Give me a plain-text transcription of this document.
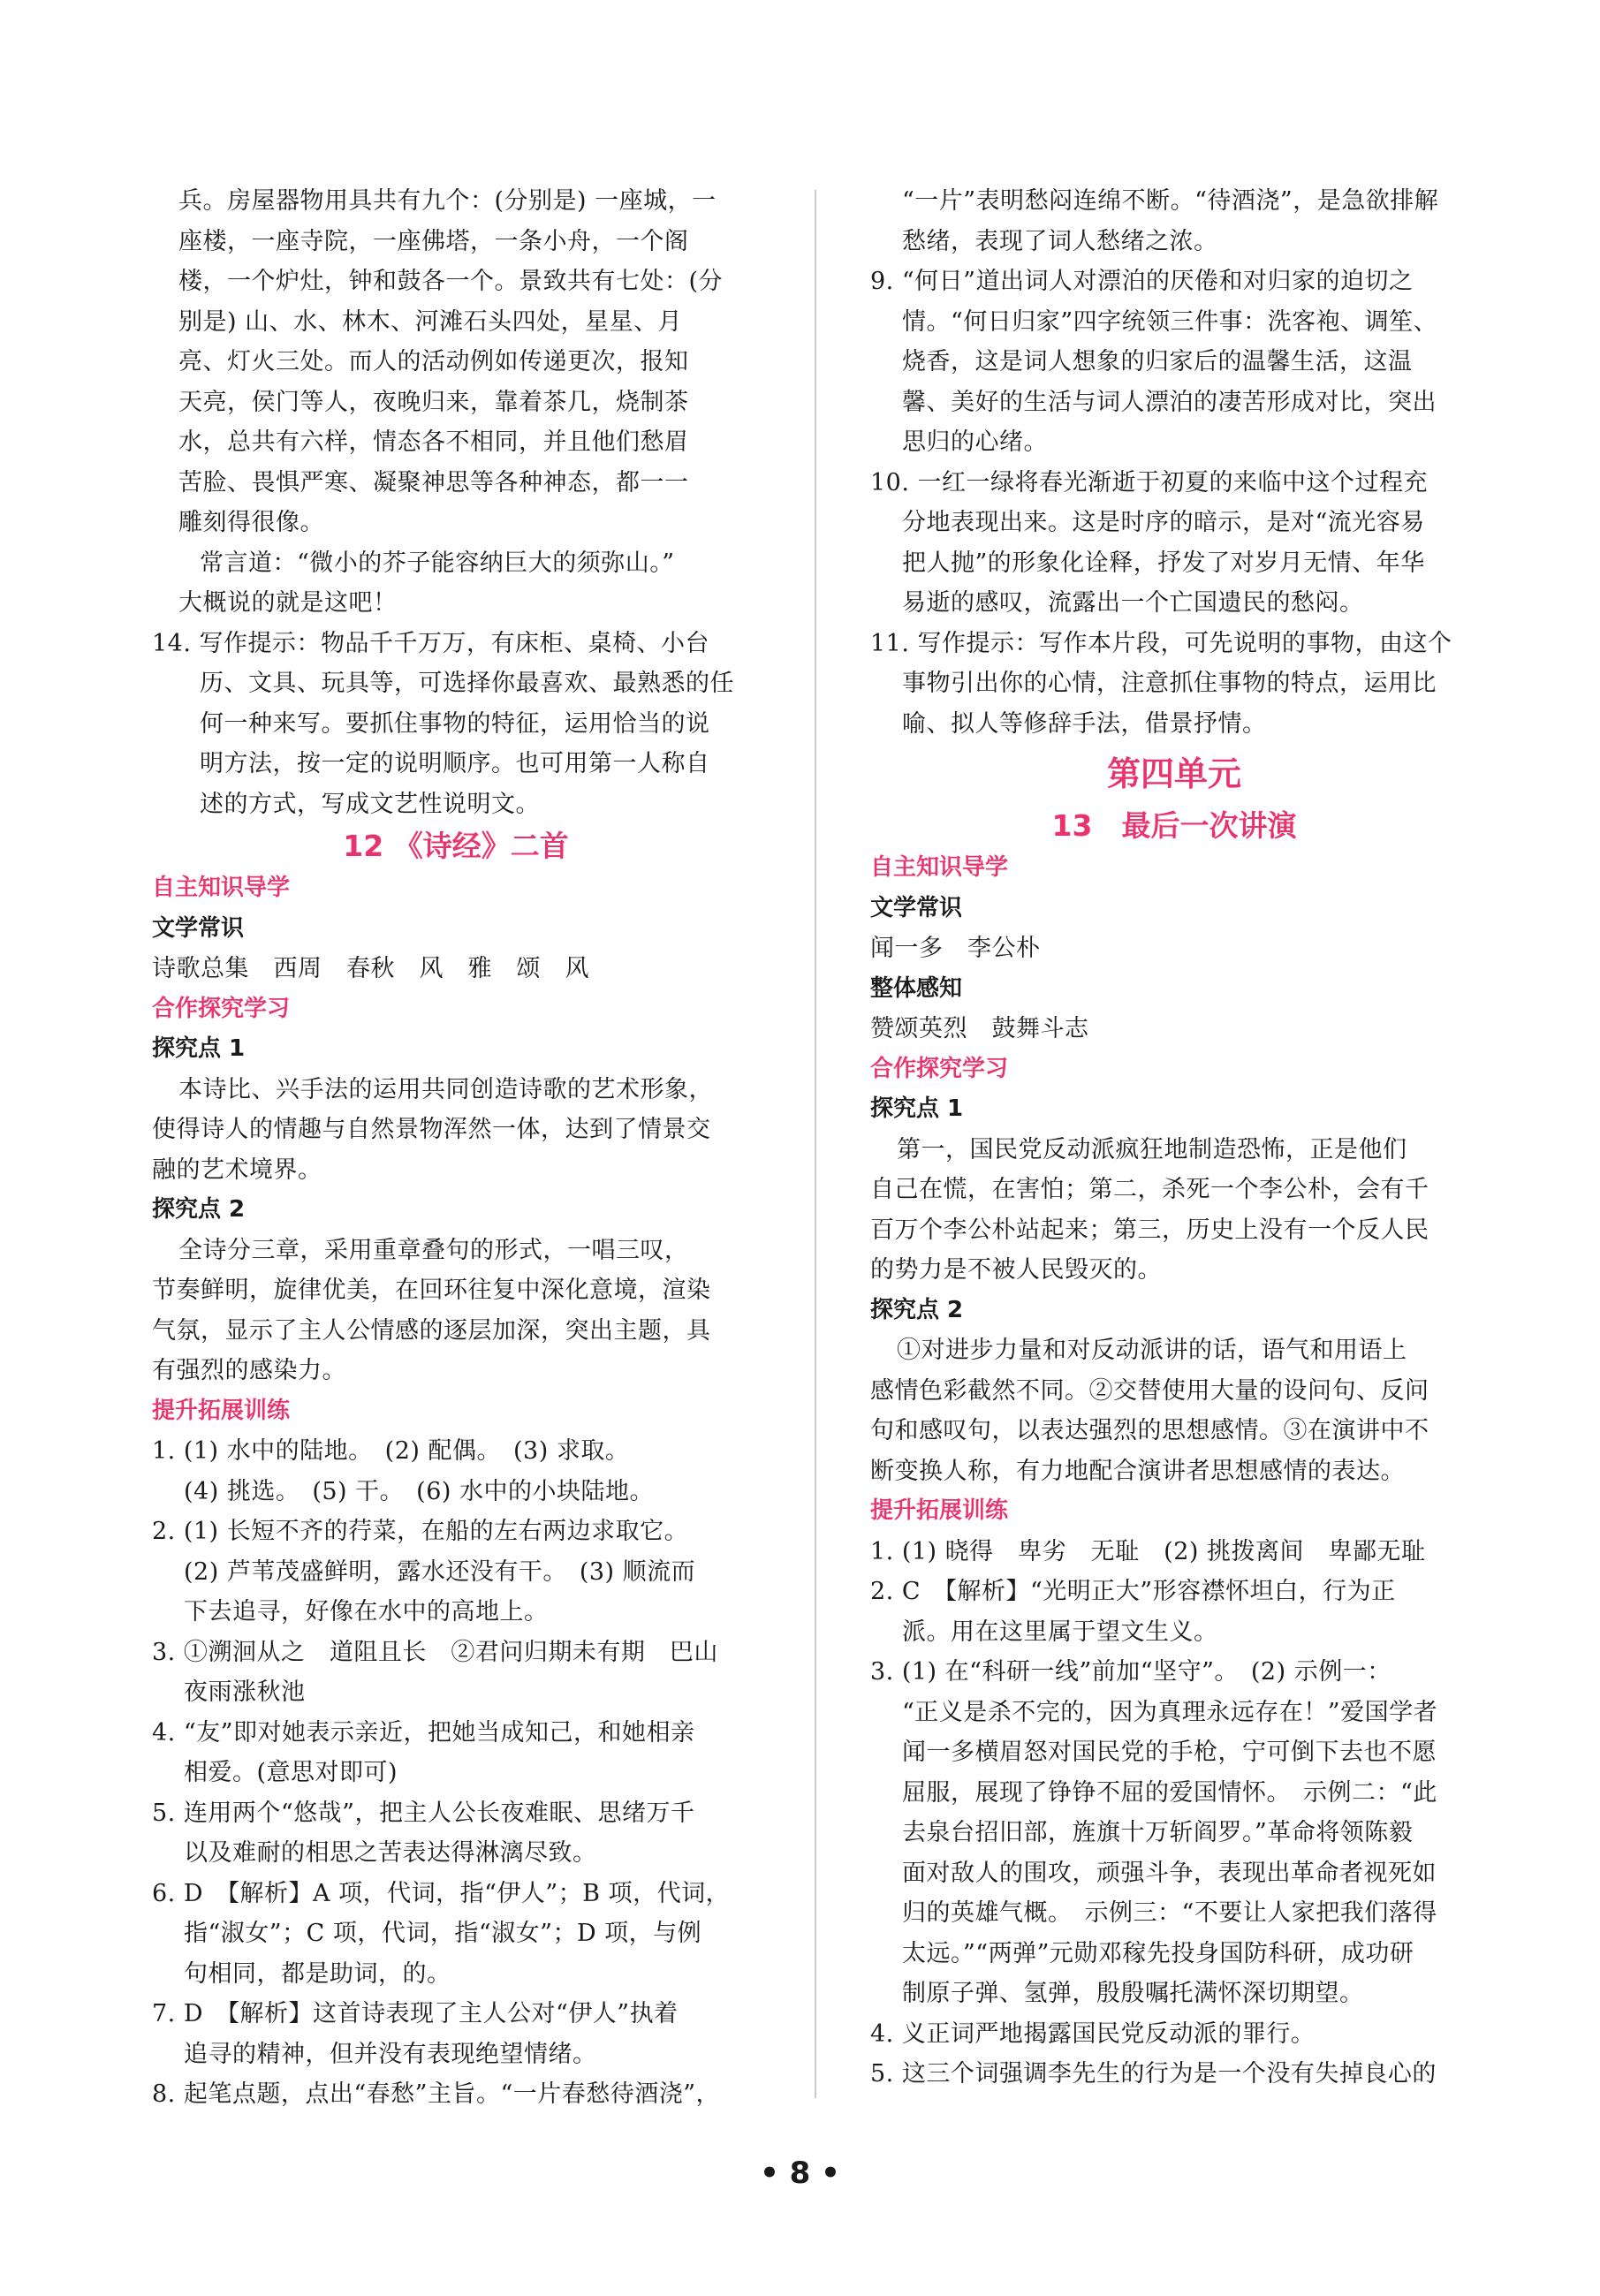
兵。房屋器物用具共有九个：(分别是) 一座城，一
座楼，一座寺院，一座佛塔，一条小舟，一个阁
楼，一个炉灶，钟和鼓各一个。景致共有七处：(分
别是) 山、水、林木、河滩石头四处，星星、月
亮、灯火三处。而人的活动例如传递更次，报知
天亮，侯门等人，夜晚归来，靠着茶几，烧制茶
水，总共有六样，情态各不相同，并且他们愁眉
苦脸、畏惧严寒、凝聚神思等各种神态，都一一
雕刻得很像。
常言道：“微小的芥子能容纳巨大的须弥山。”
大概说的就是这吧！
14. 写作提示：物品千千万万，有床柜、桌椅、小台
历、文具、玩具等，可选择你最喜欢、最熟悉的任
何一种来写。要抓住事物的特征，运用恰当的说
明方法，按一定的说明顺序。也可用第一人称自
述的方式，写成文艺性说明文。
12 《诗经》二首
自主知识导学
文学常识
诗歌总集　西周　春秋　风　雅　颂　风
合作探究学习
探究点 1
本诗比、兴手法的运用共同创造诗歌的艺术形象，
使得诗人的情趣与自然景物浑然一体，达到了情景交
融的艺术境界。
探究点 2
全诗分三章，采用重章叠句的形式，一唱三叹，
节奏鲜明，旋律优美，在回环往复中深化意境，渲染
气氛，显示了主人公情感的逐层加深，突出主题，具
有强烈的感染力。
提升拓展训练
1. (1) 水中的陆地。　(2) 配偶。　(3) 求取。
(4) 挑选。　(5) 干。　(6) 水中的小块陆地。
2. (1) 长短不齐的荇菜，在船的左右两边求取它。
(2) 芦苇茂盛鲜明，露水还没有干。　(3) 顺流而
下去追寻，好像在水中的高地上。
3. ①溯洄从之　道阻且长　②君问归期未有期　巴山
夜雨涨秋池
4. “友”即对她表示亲近，把她当成知己，和她相亲
相爱。(意思对即可)
5. 连用两个“悠哉”，把主人公长夜难眠、思绪万千
以及难耐的相思之苦表达得淋漓尽致。
6. D　【解析】A 项，代词，指“伊人”；B 项，代词，
指“淑女”；C 项，代词，指“淑女”；D 项，与例
句相同，都是助词，的。
7. D　【解析】这首诗表现了主人公对“伊人”执着
追寻的精神，但并没有表现绝望情绪。
8. 起笔点题，点出“春愁”主旨。“一片春愁待酒浇”，
“一片”表明愁闷连绵不断。“待酒浇”，是急欲排解
愁绪，表现了词人愁绪之浓。
9. “何日”道出词人对漂泊的厌倦和对归家的迫切之
情。“何日归家”四字统领三件事：洗客袍、调笙、
烧香，这是词人想象的归家后的温馨生活，这温
馨、美好的生活与词人漂泊的凄苦形成对比，突出
思归的心绪。
10. 一红一绿将春光渐逝于初夏的来临中这个过程充
分地表现出来。这是时序的暗示，是对“流光容易
把人抛”的形象化诠释，抒发了对岁月无情、年华
易逝的感叹，流露出一个亡国遗民的愁闷。
11. 写作提示：写作本片段，可先说明的事物，由这个
事物引出你的心情，注意抓住事物的特点，运用比
喻、拟人等修辞手法，借景抒情。
第四单元
13　最后一次讲演
自主知识导学
文学常识
闻一多　李公朴
整体感知
赞颂英烈　鼓舞斗志
合作探究学习
探究点 1
第一，国民党反动派疯狂地制造恐怖，正是他们
自己在慌，在害怕；第二，杀死一个李公朴，会有千
百万个李公朴站起来；第三，历史上没有一个反人民
的势力是不被人民毁灭的。
探究点 2
①对进步力量和对反动派讲的话，语气和用语上
感情色彩截然不同。②交替使用大量的设问句、反问
句和感叹句，以表达强烈的思想感情。③在演讲中不
断变换人称，有力地配合演讲者思想感情的表达。
提升拓展训练
1. (1) 晓得　卑劣　无耻　(2) 挑拨离间　卑鄙无耻
2. C　【解析】“光明正大”形容襟怀坦白，行为正
派。用在这里属于望文生义。
3. (1) 在“科研一线”前加“坚守”。　(2) 示例一：
“正义是杀不完的，因为真理永远存在！”爱国学者
闻一多横眉怒对国民党的手枪，宁可倒下去也不愿
屈服，展现了铮铮不屈的爱国情怀。　示例二：“此
去泉台招旧部，旌旗十万斩阎罗。”革命将领陈毅
面对敌人的围攻，顽强斗争，表现出革命者视死如
归的英雄气概。　示例三：“不要让人家把我们落得
太远。”“两弹”元勋邓稼先投身国防科研，成功研
制原子弹、氢弹，殷殷嘱托满怀深切期望。
4. 义正词严地揭露国民党反动派的罪行。
5. 这三个词强调李先生的行为是一个没有失掉良心的
• 8 •
